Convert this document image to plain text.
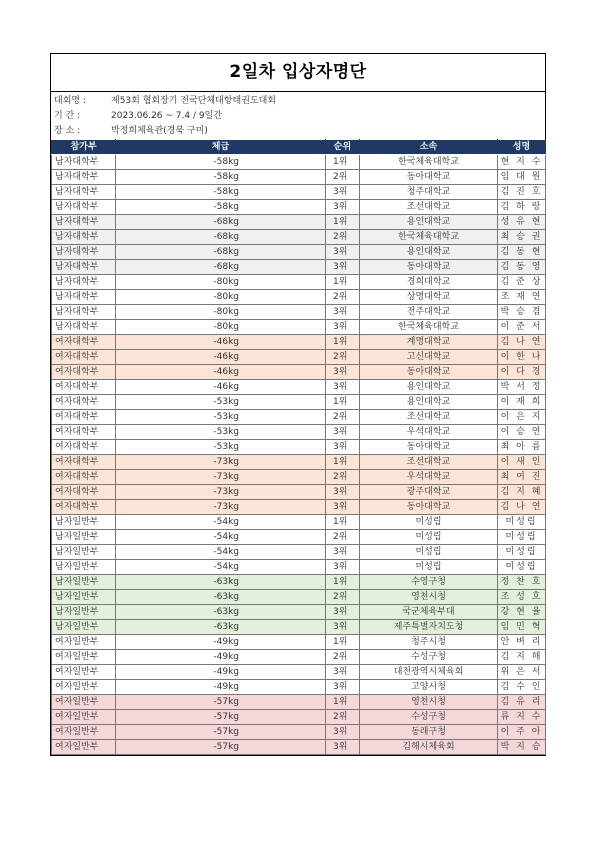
2일차 입상자명단
대회명 :	제53회 협회장기 전국단체대항태권도대회
기 간 :	2023.06.26 ~ 7.4 / 9일간
장 소 :	박정희체육관(경북 구미)
참가부	체급	순위	소속	성명
남자대학부	-58kg	1위	한국체육대학교	현 지 수
남자대학부	-58kg	2위	동아대학교	임 대 원
남자대학부	-58kg	3위	청주대학교	김 진 호
남자대학부	-58kg	3위	조선대학교	김 하 랑
남자대학부	-68kg	1위	용인대학교	성 유 현
남자대학부	-68kg	2위	한국체육대학교	최 승 권
남자대학부	-68kg	3위	용인대학교	김 동 현
남자대학부	-68kg	3위	동아대학교	김 동 영
남자대학부	-80kg	1위	경희대학교	김 준 상
남자대학부	-80kg	2위	상명대학교	조 재 연
남자대학부	-80kg	3위	전주대학교	박 승 겸
남자대학부	-80kg	3위	한국체육대학교	이 준 서
여자대학부	-46kg	1위	계명대학교	김 나 연
여자대학부	-46kg	2위	고신대학교	이 한 나
여자대학부	-46kg	3위	동아대학교	이 다 경
여자대학부	-46kg	3위	용인대학교	박 서 정
여자대학부	-53kg	1위	용인대학교	이 재 희
여자대학부	-53kg	2위	조선대학교	이 은 지
여자대학부	-53kg	3위	우석대학교	이 승 연
여자대학부	-53kg	3위	동아대학교	최 아 름
여자대학부	-73kg	1위	조선대학교	이 새 인
여자대학부	-73kg	2위	우석대학교	최 여 진
여자대학부	-73kg	3위	광주대학교	김 지 혜
여자대학부	-73kg	3위	동아대학교	김 나 연
남자일반부	-54kg	1위	미성립	미성립
남자일반부	-54kg	2위	미성립	미성립
남자일반부	-54kg	3위	미성립	미성립
남자일반부	-54kg	3위	미성립	미성립
남자일반부	-63kg	1위	수영구청	정 찬 호
남자일반부	-63kg	2위	영천시청	조 성 호
남자일반부	-63kg	3위	국군체육부대	강 현 율
남자일반부	-63kg	3위	제주특별자치도청	임 민 혁
여자일반부	-49kg	1위	청주시청	안 벼 리
여자일반부	-49kg	2위	수성구청	김 지 해
여자일반부	-49kg	3위	대전광역시체육회	위 은 서
여자일반부	-49kg	3위	고양시청	김 수 인
여자일반부	-57kg	1위	영천시청	김 유 리
여자일반부	-57kg	2위	수성구청	류 지 수
여자일반부	-57kg	3위	동래구청	이 주 아
여자일반부	-57kg	3위	김해시체육회	박 지 승
